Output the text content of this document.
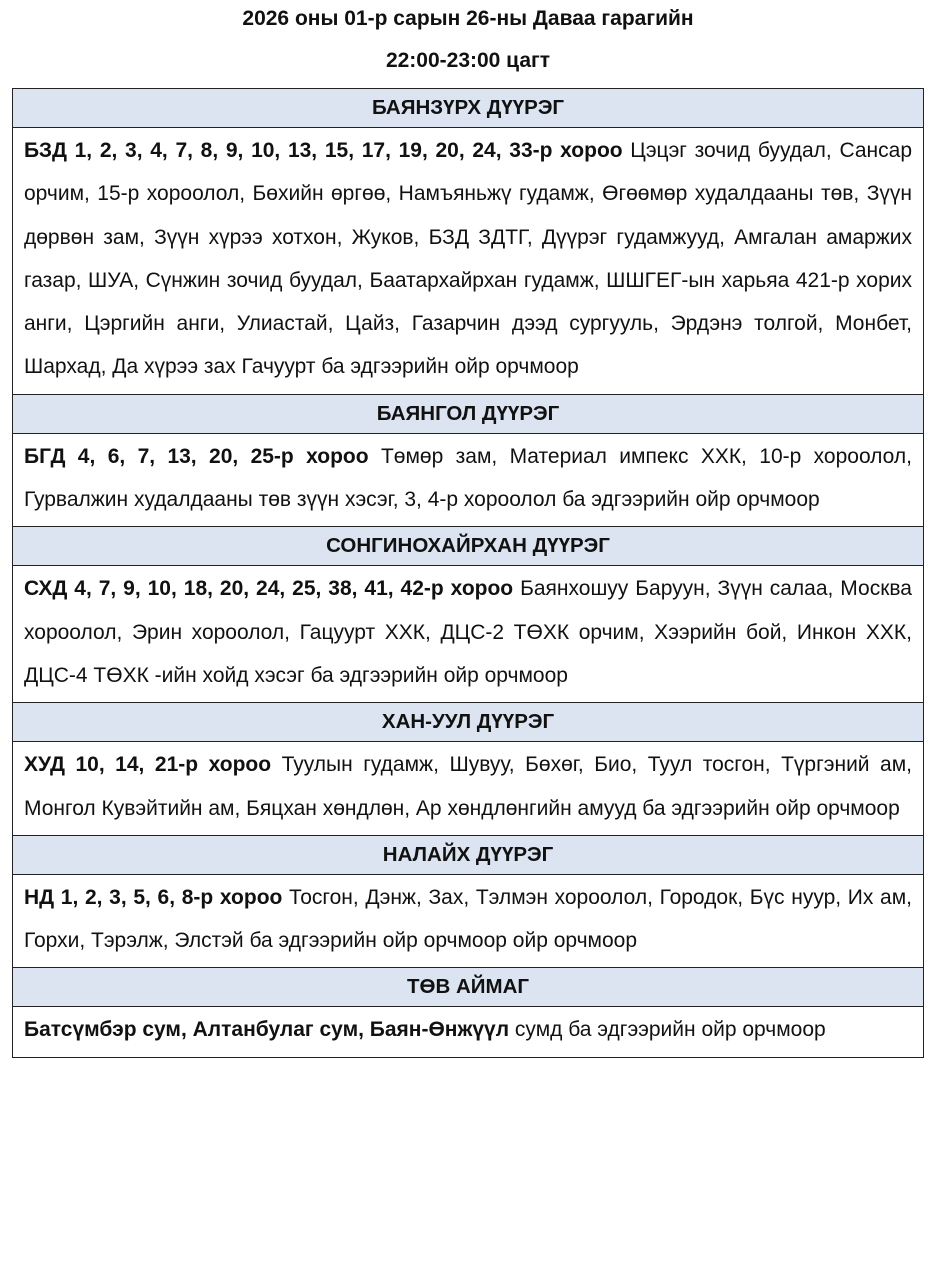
2026 оны 01-р сарын 26-ны Даваа гарагийн

22:00-23:00 цагт

БАЯНЗҮРХ ДҮҮРЭГ
БЗД 1, 2, 3, 4, 7, 8, 9, 10, 13, 15, 17, 19, 20, 24, 33-р хороо Цэцэг зочид буудал, Сансар орчим, 15-р хороолол, Бөхийн өргөө, Намъяньжү гудамж, Өгөөмөр худалдааны төв, Зүүн дөрвөн зам, Зүүн хүрээ хотхон, Жуков, БЗД ЗДТГ, Дүүрэг гудамжууд, Амгалан амаржих газар, ШУА, Сүнжин зочид буудал, Баатархайрхан гудамж, ШШГЕГ-ын харьяа 421-р хорих анги, Цэргийн анги, Улиастай, Цайз, Газарчин дээд сургууль, Эрдэнэ толгой, Монбет, Шархад, Да хүрээ зах Гачуурт ба эдгээрийн ойр орчмоор
БАЯНГОЛ ДҮҮРЭГ
БГД 4, 6, 7, 13, 20, 25-р хороо Төмөр зам, Материал импекс ХХК, 10-р хороолол, Гурвалжин худалдааны төв зүүн хэсэг, 3, 4-р хороолол ба эдгээрийн ойр орчмоор
СОНГИНОХАЙРХАН ДҮҮРЭГ
СХД 4, 7, 9, 10, 18, 20, 24, 25, 38, 41, 42-р хороо Баянхошуу Баруун, Зүүн салаа, Москва хороолол, Эрин хороолол, Гацуурт ХХК, ДЦС-2 ТӨХК орчим, Хээрийн бой, Инкон ХХК, ДЦС-4 ТӨХК -ийн хойд хэсэг ба эдгээрийн ойр орчмоор
ХАН-УУЛ ДҮҮРЭГ
ХУД 10, 14, 21-р хороо Туулын гудамж, Шувуу, Бөхөг, Био, Туул тосгон, Түргэний ам, Монгол Кувэйтийн ам, Бяцхан хөндлөн, Ар хөндлөнгийн амууд ба эдгээрийн ойр орчмоор
НАЛАЙХ ДҮҮРЭГ
НД 1, 2, 3, 5, 6, 8-р хороо Тосгон, Дэнж, Зах, Тэлмэн хороолол, Городок, Бүс нуур, Их ам, Горхи, Тэрэлж, Элстэй ба эдгээрийн ойр орчмоор ойр орчмоор
ТӨВ АЙМАГ
Батсүмбэр сум, Алтанбулаг сум, Баян-Өнжүүл сумд ба эдгээрийн ойр орчмоор
